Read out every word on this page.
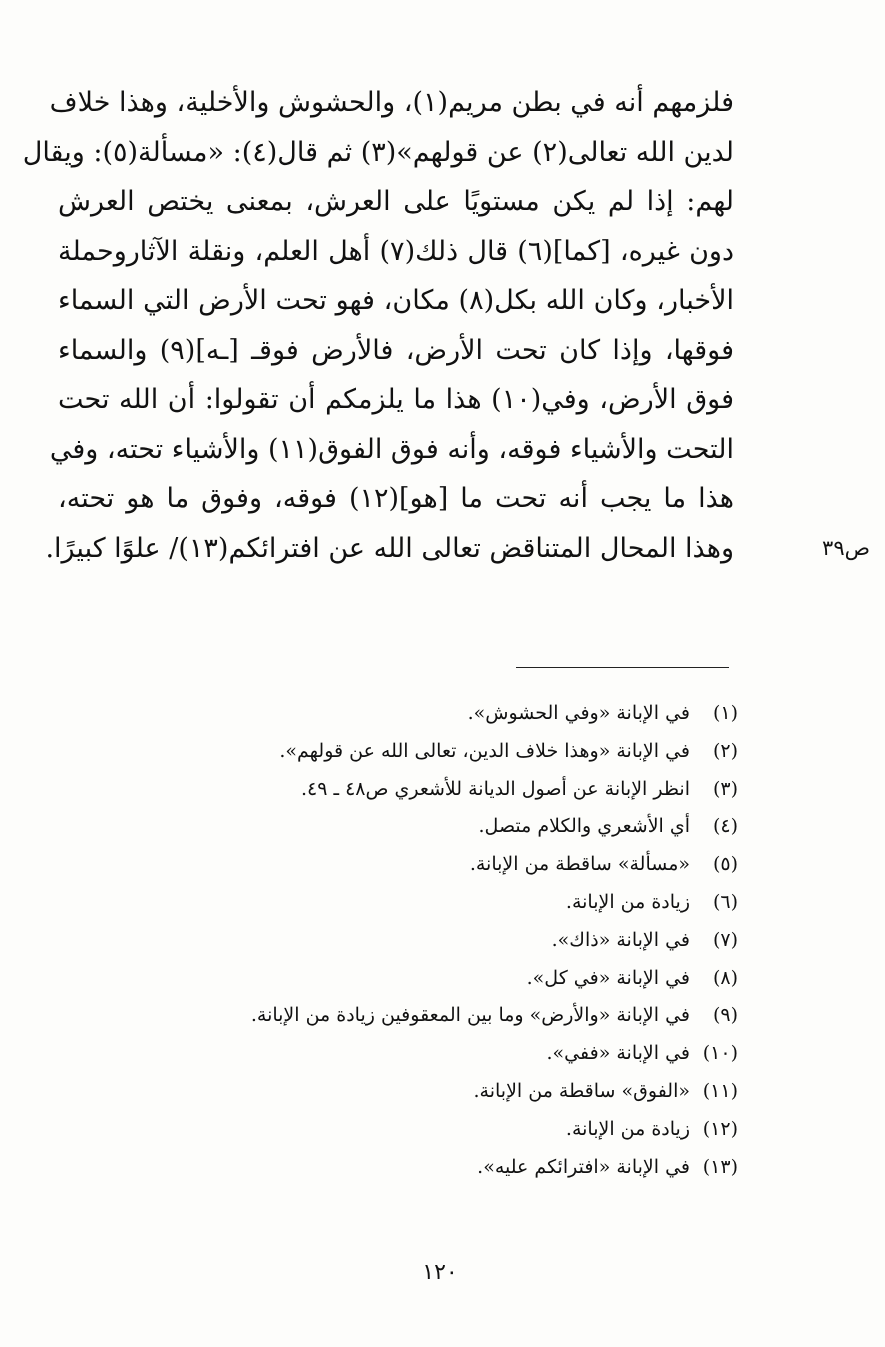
فلزمهم أنه في بطن مريم(١)، والحشوش والأخلية، وهذا خلاف
لدين الله تعالى(٢) عن قولهم»(٣) ثم قال(٤): «مسألة(٥): ويقال
لهم: إذا لم يكن مستويًا على العرش، بمعنى يختص العرش
دون غيره، [كما](٦) قال ذلك(٧) أهل العلم، ونقلة الآثاروحملة
الأخبار، وكان الله بكل(٨) مكان، فهو تحت الأرض التي السماء
فوقها، وإذا كان تحت الأرض، فالأرض فوقـ [ـه](٩) والسماء
فوق الأرض، وفي(١٠) هذا ما يلزمكم أن تقولوا: أن الله تحت
التحت والأشياء فوقه، وأنه فوق الفوق(١١) والأشياء تحته، وفي
هذا ما يجب أنه تحت ما [هو](١٢) فوقه، وفوق ما هو تحته،
وهذا المحال المتناقض تعالى الله عن افترائكم(١٣)/ علوًا كبيرًا.	ص٣٩
(١)
في الإبانة «وفي الحشوش».
(٢)
في الإبانة «وهذا خلاف الدين، تعالى الله عن قولهم».
(٣)
انظر الإبانة عن أصول الديانة للأشعري ص٤٨ ـ ٤٩.
(٤)
أي الأشعري والكلام متصل.
(٥)
«مسألة» ساقطة من الإبانة.
(٦)
زيادة من الإبانة.
(٧)
في الإبانة «ذاك».
(٨)
في الإبانة «في كل».
(٩)
في الإبانة «والأرض» وما بين المعقوفين زيادة من الإبانة.
(١٠)
في الإبانة «ففي».
(١١)
«الفوق» ساقطة من الإبانة.
(١٢)
زيادة من الإبانة.
(١٣)
في الإبانة «افترائكم عليه».
١٢٠
